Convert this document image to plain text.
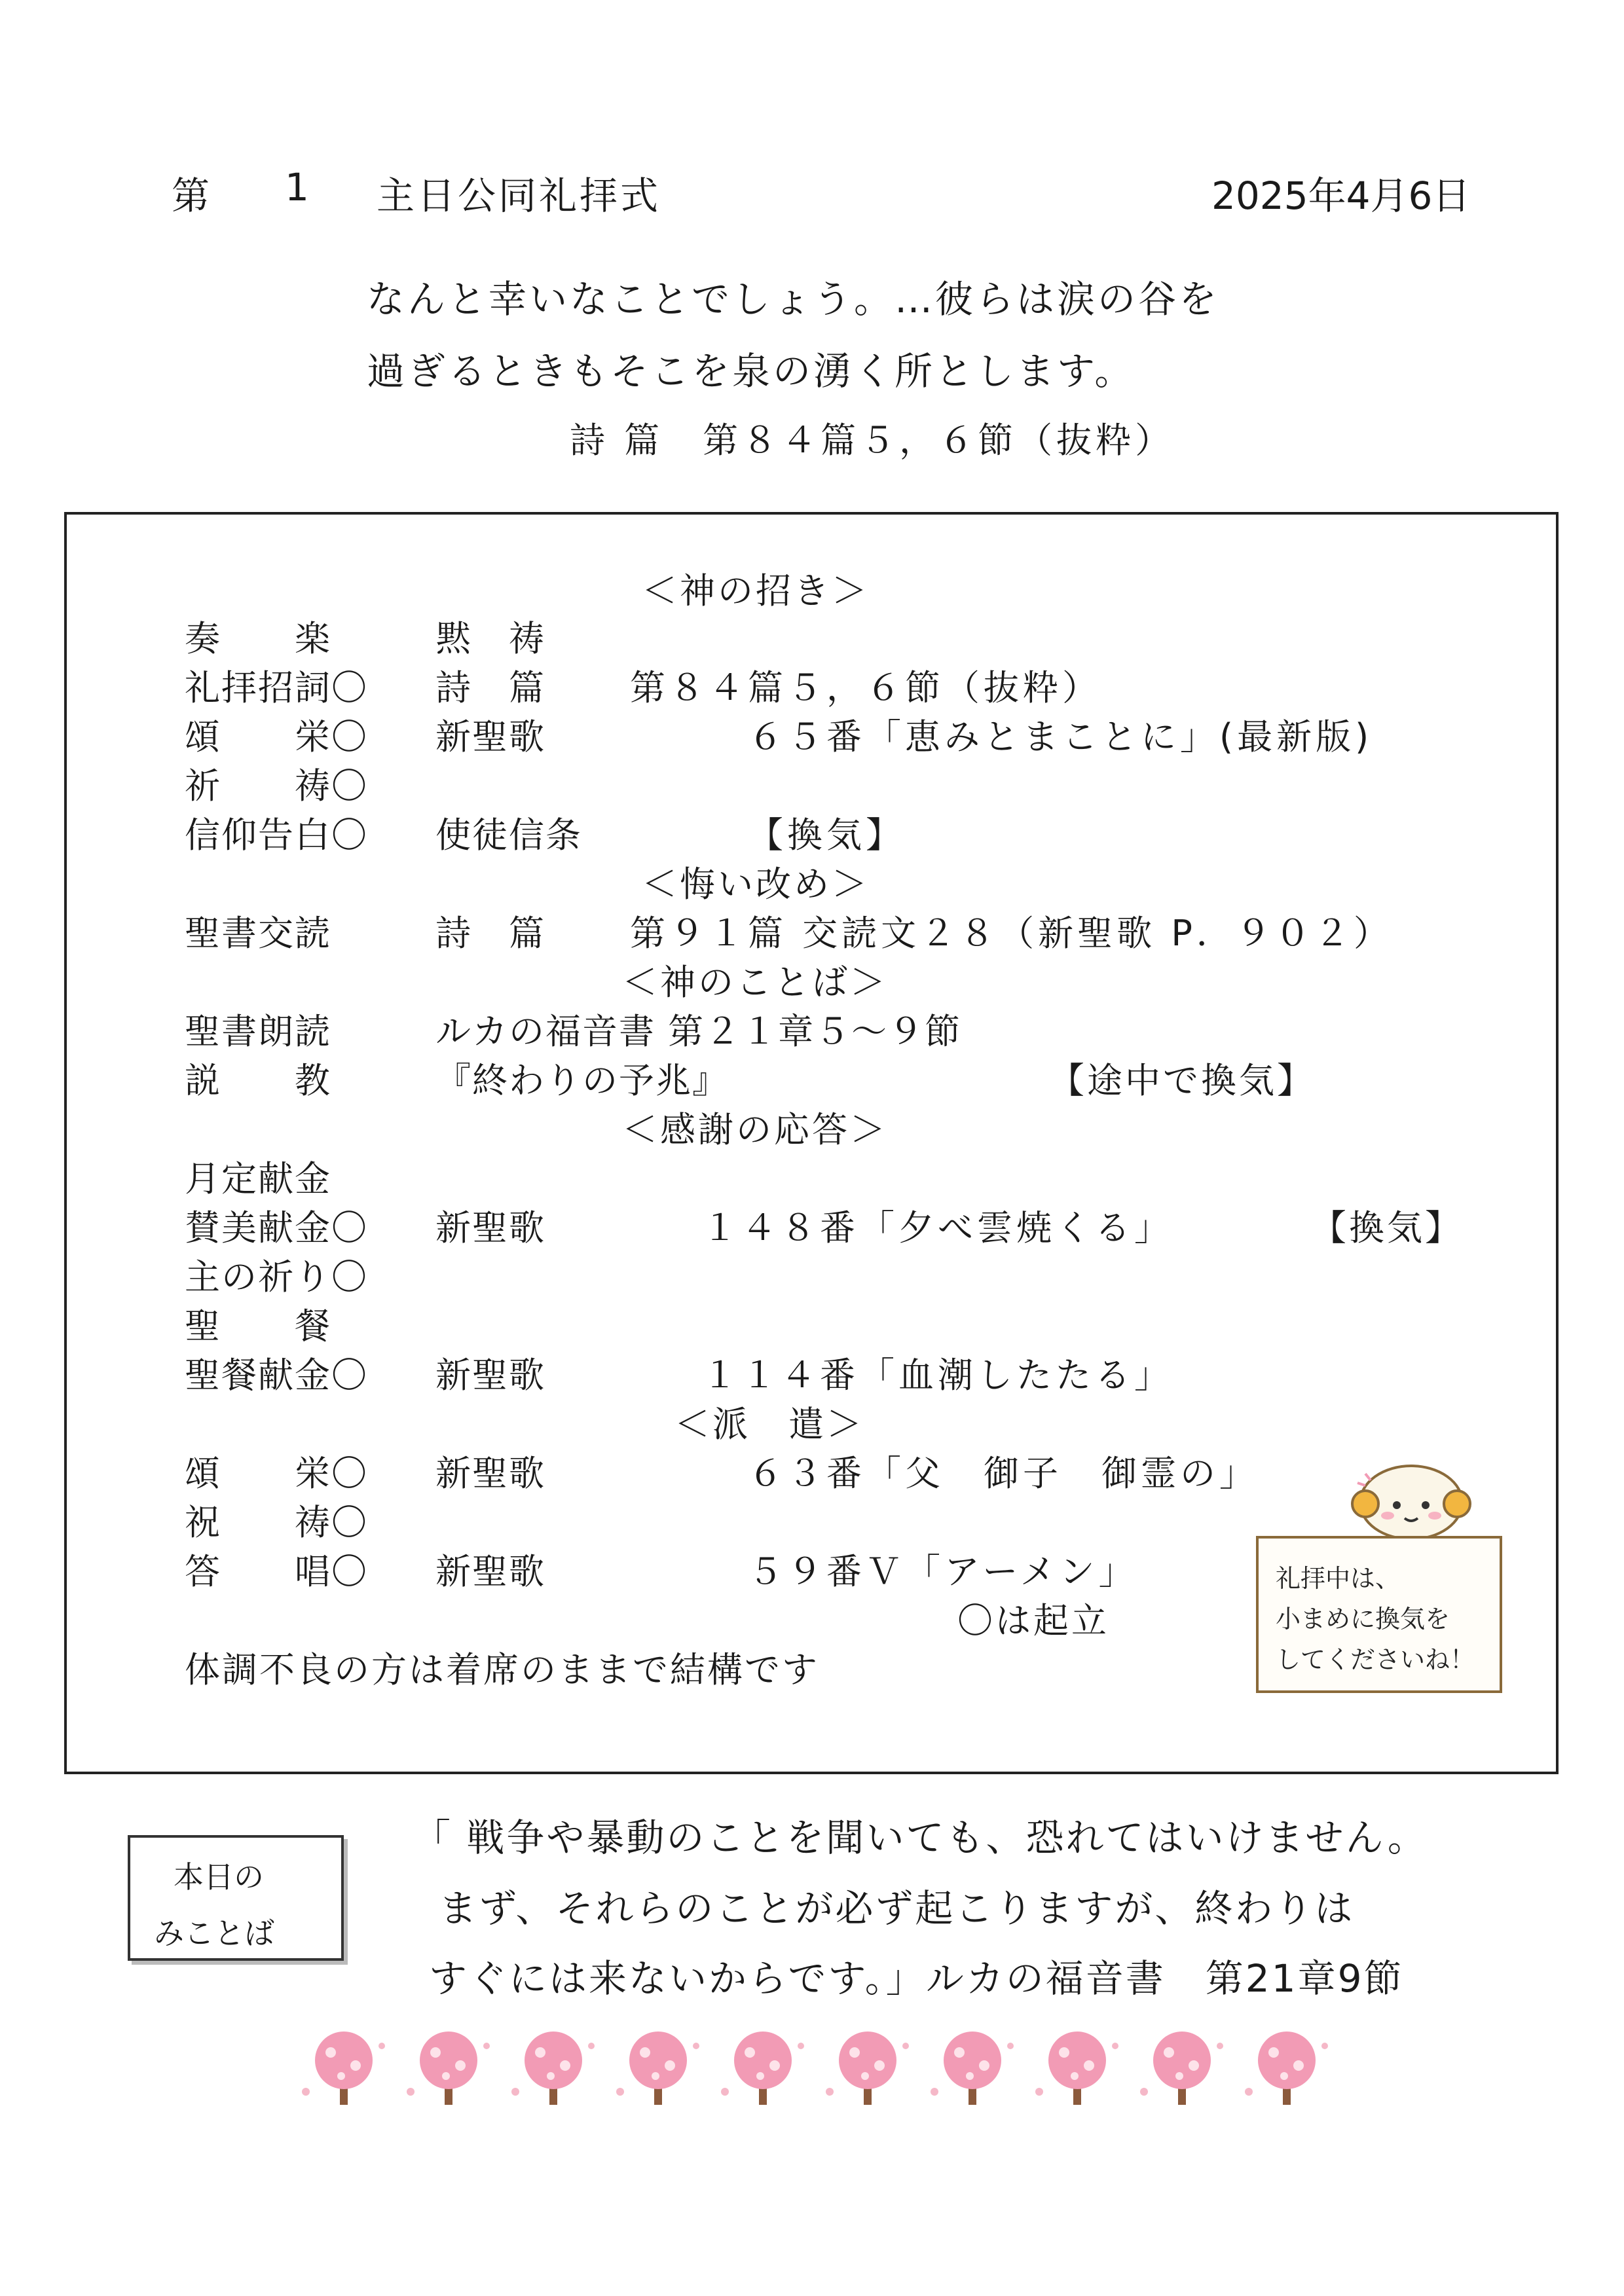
第 1 主日公同礼拝式	2025年4月6日
なんと幸いなことでしょう。…彼らは涙の谷を
過ぎるときもそこを泉の湧く所とします。
詩 篇　第８４篇５，６節（抜粋）
＜神の招き＞
奏　　楽	黙　祷
礼拝招詞〇 詩　篇 第８４篇５，６節（抜粋）
頌　　栄〇 新聖歌	６５番「恵みとまことに」(最新版)
祈　　祷〇
信仰告白〇 使徒信条	【換気】
＜悔い改め＞
聖書交読	詩　篇 第９１篇 交読文２８（新聖歌 P．９０２）
＜神のことば＞
聖書朗読	ルカの福音書 第２１章５～９節
説　　教	『終わりの予兆』	【途中で換気】
＜感謝の応答＞
月定献金
賛美献金〇 新聖歌	１４８番「夕べ雲焼くる」	【換気】
主の祈り〇
聖　　餐
聖餐献金〇 新聖歌	１１４番「血潮したたる」
＜派　遣＞
頌　　栄〇 新聖歌	６３番「父　御子　御霊の」
祝　　祷〇
答　　唱〇 新聖歌	５９番Ｖ「アーメン」
〇は起立
体調不良の方は着席のままで結構です
礼拝中は、
小まめに換気を
してくださいね！
本日の
みことば
「 戦争や暴動のことを聞いても、恐れてはいけません。
まず、それらのことが必ず起こりますが、終わりは
すぐには来ないからです。」ルカの福音書　第21章9節
